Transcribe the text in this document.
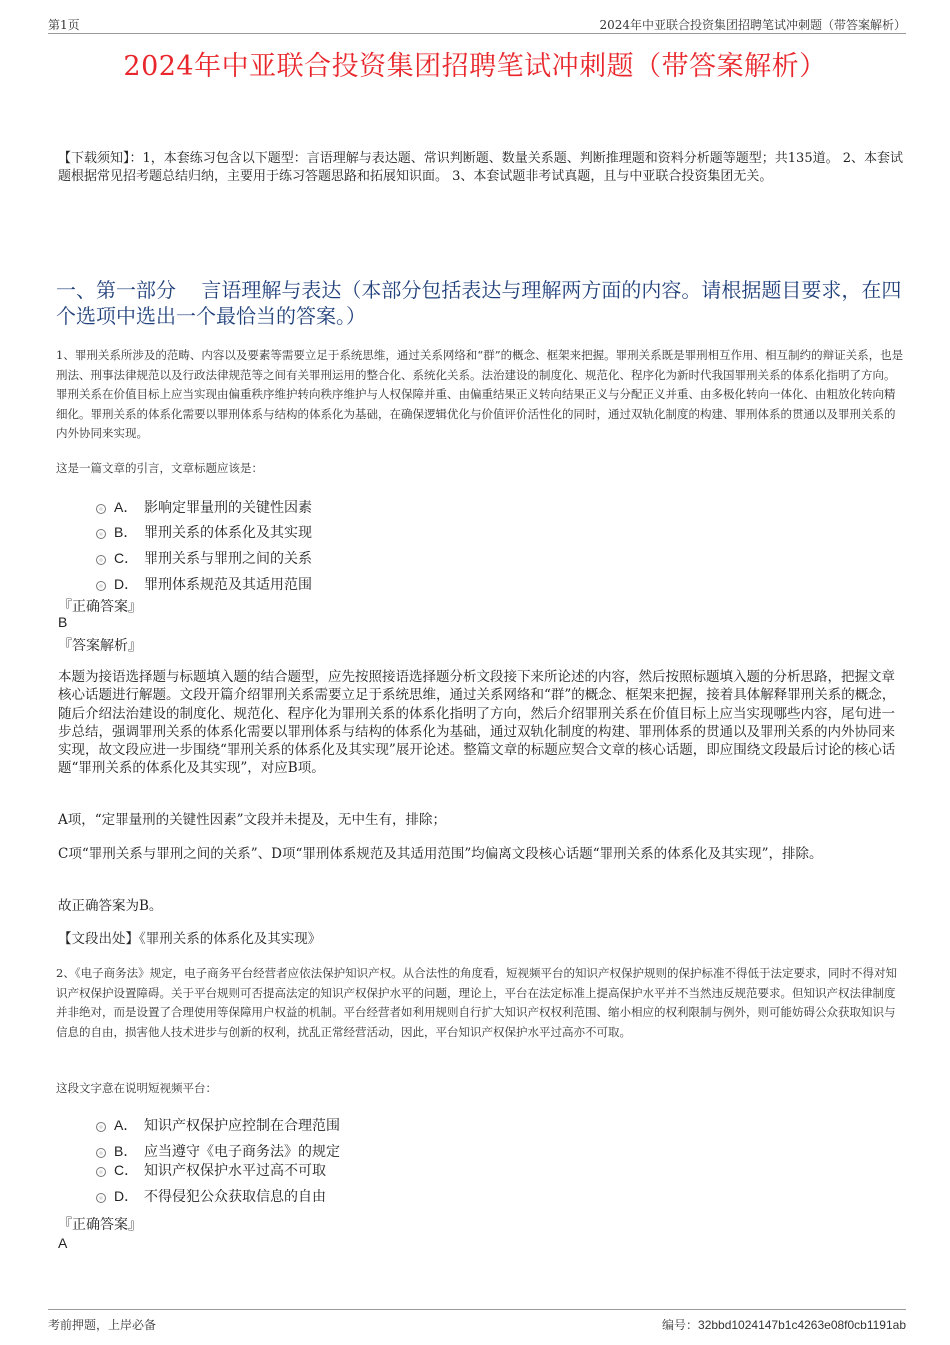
第1页	2024年中亚联合投资集团招聘笔试冲刺题（带答案解析）
2024年中亚联合投资集团招聘笔试冲刺题（带答案解析）
【下载须知】：1，本套练习包含以下题型：言语理解与表达题、常识判断题、数量关系题、判断推理题和资料分析题等题型；共135道。 2、本套试题根据常见招考题总结归纳，主要用于练习答题思路和拓展知识面。 3、本套试题非考试真题，且与中亚联合投资集团无关。
一、第一部分    言语理解与表达（本部分包括表达与理解两方面的内容。请根据题目要求，在四个选项中选出一个最恰当的答案。）
1、罪刑关系所涉及的范畴、内容以及要素等需要立足于系统思维，通过关系网络和“群”的概念、框架来把握。罪刑关系既是罪刑相互作用、相互制约的辩证关系，也是刑法、刑事法律规范以及行政法律规范等之间有关罪刑运用的整合化、系统化关系。法治建设的制度化、规范化、程序化为新时代我国罪刑关系的体系化指明了方向。罪刑关系在价值目标上应当实现由偏重秩序维护转向秩序维护与人权保障并重、由偏重结果正义转向结果正义与分配正义并重、由多极化转向一体化、由粗放化转向精细化。罪刑关系的体系化需要以罪刑体系与结构的体系化为基础，在确保逻辑优化与价值评价活性化的同时，通过双轨化制度的构建、罪刑体系的贯通以及罪刑关系的内外协同来实现。
这是一篇文章的引言，文章标题应该是：
A． 影响定罪量刑的关键性因素
B． 罪刑关系的体系化及其实现
C． 罪刑关系与罪刑之间的关系
D． 罪刑体系规范及其适用范围
『正确答案』
B
『答案解析』
本题为接语选择题与标题填入题的结合题型，应先按照接语选择题分析文段接下来所论述的内容，然后按照标题填入题的分析思路，把握文章核心话题进行解题。文段开篇介绍罪刑关系需要立足于系统思维，通过关系网络和“群”的概念、框架来把握，接着具体解释罪刑关系的概念，随后介绍法治建设的制度化、规范化、程序化为罪刑关系的体系化指明了方向，然后介绍罪刑关系在价值目标上应当实现哪些内容，尾句进一步总结，强调罪刑关系的体系化需要以罪刑体系与结构的体系化为基础，通过双轨化制度的构建、罪刑体系的贯通以及罪刑关系的内外协同来实现，故文段应进一步围绕“罪刑关系的体系化及其实现”展开论述。整篇文章的标题应契合文章的核心话题，即应围绕文段最后讨论的核心话题“罪刑关系的体系化及其实现”，对应B项。
A项，“定罪量刑的关键性因素”文段并未提及，无中生有，排除；
C项“罪刑关系与罪刑之间的关系”、D项“罪刑体系规范及其适用范围”均偏离文段核心话题“罪刑关系的体系化及其实现”，排除。
故正确答案为B。
【文段出处】《罪刑关系的体系化及其实现》
2、《电子商务法》规定，电子商务平台经营者应依法保护知识产权。从合法性的角度看，短视频平台的知识产权保护规则的保护标准不得低于法定要求，同时不得对知识产权保护设置障碍。关于平台规则可否提高法定的知识产权保护水平的问题，理论上，平台在法定标准上提高保护水平并不当然违反规范要求。但知识产权法律制度并非绝对，而是设置了合理使用等保障用户权益的机制。平台经营者如利用规则自行扩大知识产权权利范围、缩小相应的权利限制与例外，则可能妨碍公众获取知识与信息的自由，损害他人技术进步与创新的权利，扰乱正常经营活动，因此，平台知识产权保护水平过高亦不可取。
这段文字意在说明短视频平台：
A． 知识产权保护应控制在合理范围
B． 应当遵守《电子商务法》的规定
C． 知识产权保护水平过高不可取
D． 不得侵犯公众获取信息的自由
『正确答案』
A
考前押题，上岸必备	编号：32bbd1024147b1c4263e08f0cb1191ab
